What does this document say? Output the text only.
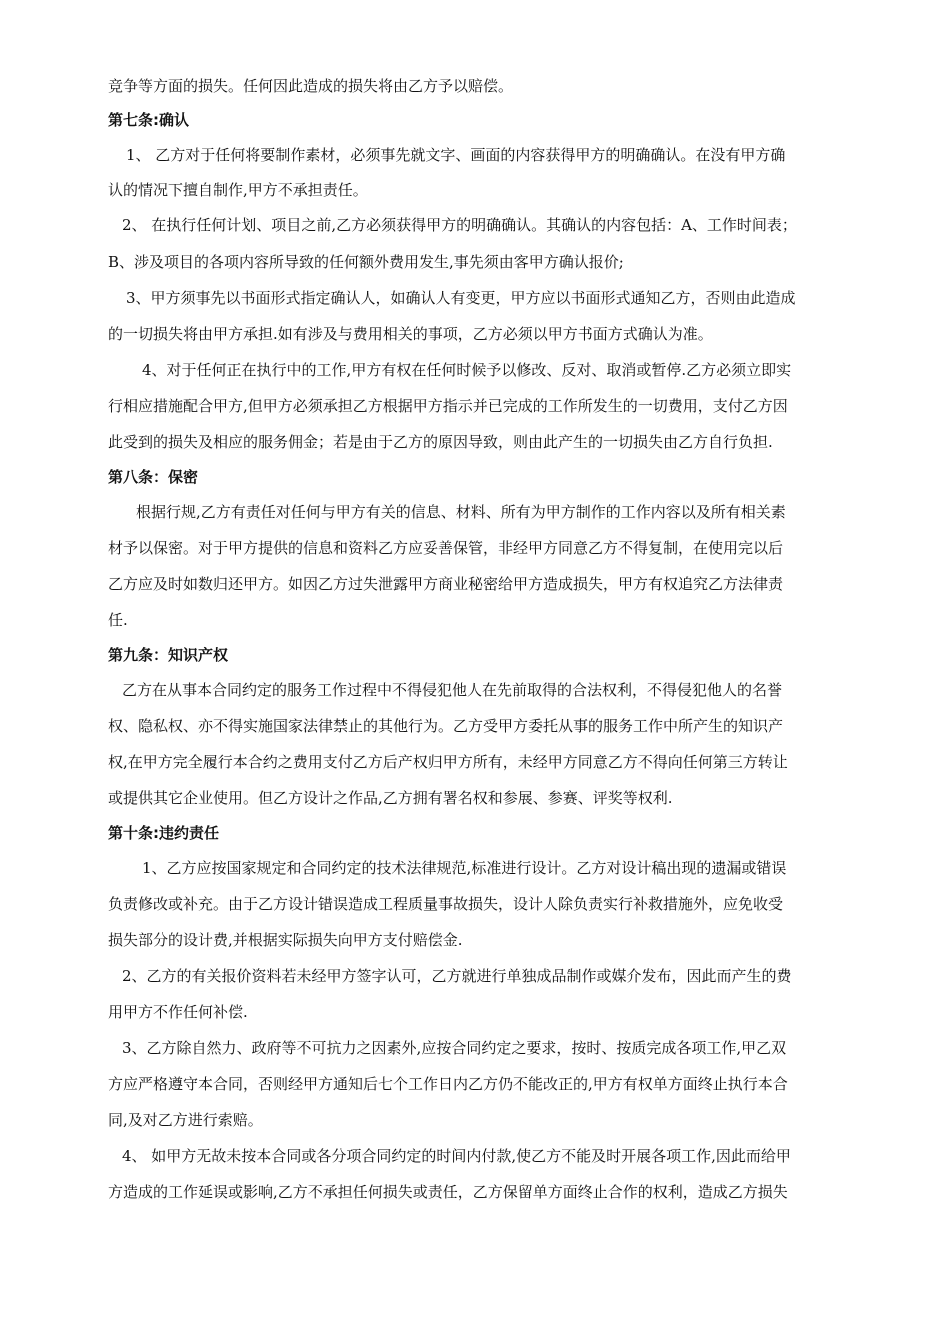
竞争等方面的损失。任何因此造成的损失将由乙方予以赔偿。
第七条:确认
1、 乙方对于任何将要制作素材，必须事先就文字、画面的内容获得甲方的明确确认。在没有甲方确
认的情况下擅自制作,甲方不承担责任。
2、 在执行任何计划、项目之前,乙方必须获得甲方的明确确认。其确认的内容包括：A、工作时间表；
B、涉及项目的各项内容所导致的任何额外费用发生,事先须由客甲方确认报价;
3、甲方须事先以书面形式指定确认人，如确认人有变更，甲方应以书面形式通知乙方，否则由此造成
的一切损失将由甲方承担.如有涉及与费用相关的事项，乙方必须以甲方书面方式确认为准。
4、对于任何正在执行中的工作,甲方有权在任何时候予以修改、反对、取消或暂停.乙方必须立即实
行相应措施配合甲方,但甲方必须承担乙方根据甲方指示并已完成的工作所发生的一切费用，支付乙方因
此受到的损失及相应的服务佣金；若是由于乙方的原因导致，则由此产生的一切损失由乙方自行负担.
第八条：保密
根据行规,乙方有责任对任何与甲方有关的信息、材料、所有为甲方制作的工作内容以及所有相关素
材予以保密。对于甲方提供的信息和资料乙方应妥善保管，非经甲方同意乙方不得复制，在使用完以后
乙方应及时如数归还甲方。如因乙方过失泄露甲方商业秘密给甲方造成损失，甲方有权追究乙方法律责
任.
第九条：知识产权
乙方在从事本合同约定的服务工作过程中不得侵犯他人在先前取得的合法权利，不得侵犯他人的名誉
权、隐私权、亦不得实施国家法律禁止的其他行为。乙方受甲方委托从事的服务工作中所产生的知识产
权,在甲方完全履行本合约之费用支付乙方后产权归甲方所有，未经甲方同意乙方不得向任何第三方转让
或提供其它企业使用。但乙方设计之作品,乙方拥有署名权和参展、参赛、评奖等权利.
第十条:违约责任
1、乙方应按国家规定和合同约定的技术法律规范,标准进行设计。乙方对设计稿出现的遗漏或错误
负责修改或补充。由于乙方设计错误造成工程质量事故损失，设计人除负责实行补救措施外，应免收受
损失部分的设计费,并根据实际损失向甲方支付赔偿金.
2、乙方的有关报价资料若未经甲方签字认可，乙方就进行单独成品制作或媒介发布，因此而产生的费
用甲方不作任何补偿.
3、乙方除自然力、政府等不可抗力之因素外,应按合同约定之要求，按时、按质完成各项工作,甲乙双
方应严格遵守本合同，否则经甲方通知后七个工作日内乙方仍不能改正的,甲方有权单方面终止执行本合
同,及对乙方进行索赔。
4、 如甲方无故未按本合同或各分项合同约定的时间内付款,使乙方不能及时开展各项工作,因此而给甲
方造成的工作延误或影响,乙方不承担任何损失或责任，乙方保留单方面终止合作的权利，造成乙方损失
